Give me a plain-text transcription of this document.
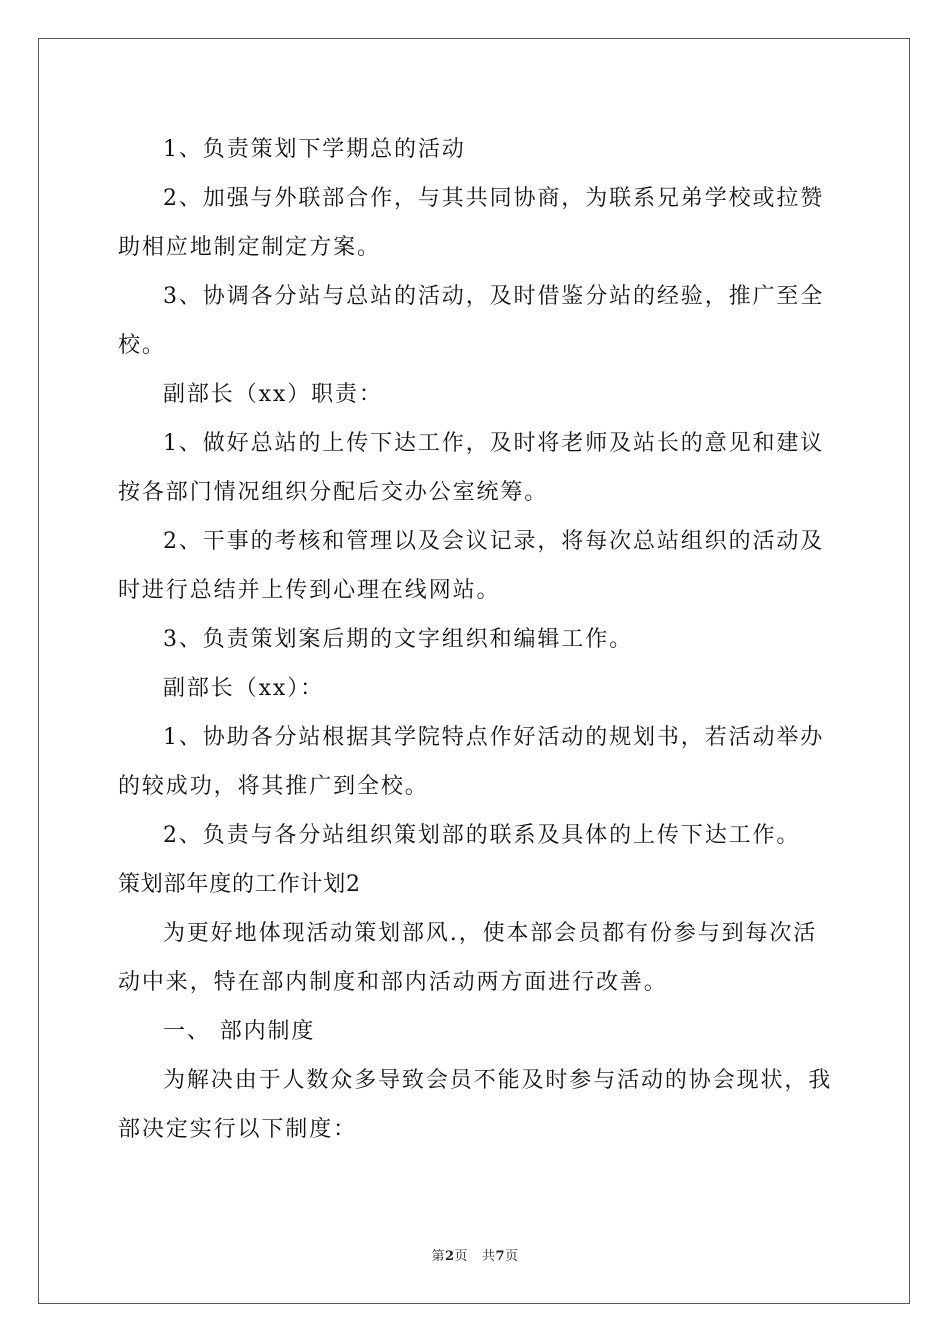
1、负责策划下学期总的活动
2、加强与外联部合作，与其共同协商，为联系兄弟学校或拉赞
助相应地制定制定方案。
3、协调各分站与总站的活动，及时借鉴分站的经验，推广至全
校。
副部长（xx）职责：
1、做好总站的上传下达工作，及时将老师及站长的意见和建议
按各部门情况组织分配后交办公室统筹。
2、干事的考核和管理以及会议记录，将每次总站组织的活动及
时进行总结并上传到心理在线网站。
3、负责策划案后期的文字组织和编辑工作。
副部长（xx）：
1、协助各分站根据其学院特点作好活动的规划书，若活动举办
的较成功，将其推广到全校。
2、负责与各分站组织策划部的联系及具体的上传下达工作。
策划部年度的工作计划2
为更好地体现活动策划部风.，使本部会员都有份参与到每次活
动中来，特在部内制度和部内活动两方面进行改善。
一、 部内制度
为解决由于人数众多导致会员不能及时参与活动的协会现状，我
部决定实行以下制度：
第2页 共7页
